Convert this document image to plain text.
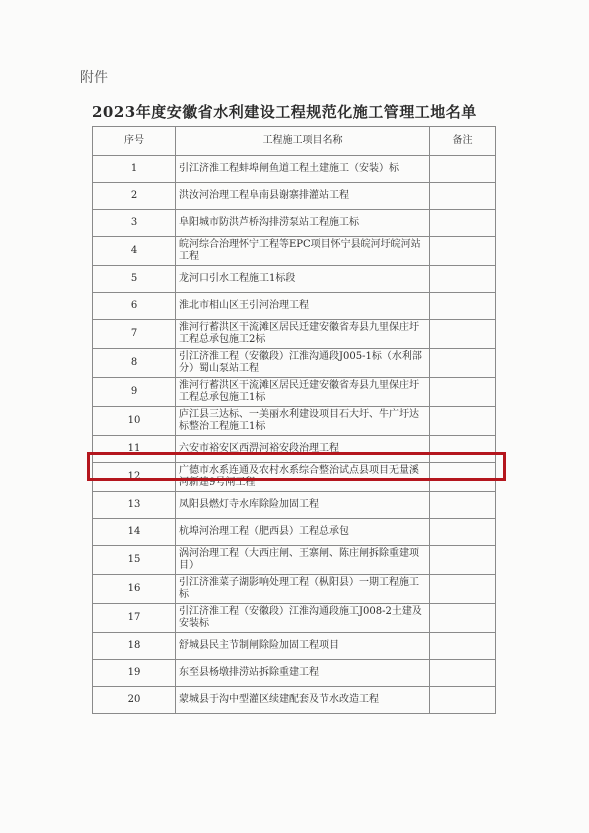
附件
2023年度安徽省水利建设工程规范化施工管理工地名单
序号	工程施工项目名称	备注
1	引江济淮工程蚌埠闸鱼道工程土建施工（安装）标	
2	洪汝河治理工程阜南县谢寨排灌站工程	
3	阜阳城市防洪芦桥沟排涝泵站工程施工标	
4	皖河综合治理怀宁工程等EPC项目怀宁县皖河圩皖河站工程	
5	龙河口引水工程施工1标段	
6	淮北市相山区王引河治理工程	
7	淮河行蓄洪区干流滩区居民迁建安徽省寿县九里保庄圩工程总承包施工2标	
8	引江济淮工程（安徽段）江淮沟通段J005-1标（水利部分）蜀山泵站工程	
9	淮河行蓄洪区干流滩区居民迁建安徽省寿县九里保庄圩工程总承包施工1标	
10	庐江县三达标、一美丽水利建设项目石大圩、牛广圩达标整治工程施工1标	
11	六安市裕安区西淠河裕安段治理工程	
12	广德市水系连通及农村水系综合整治试点县项目无量溪河新建9号闸工程	
13	凤阳县燃灯寺水库除险加固工程	
14	杭埠河治理工程（肥西县）工程总承包	
15	涡河治理工程（大西庄闸、王寨闸、陈庄闸拆除重建项目）	
16	引江济淮菜子湖影响处理工程（枞阳县）一期工程施工标	
17	引江济淮工程（安徽段）江淮沟通段施工J008-2土建及安装标	
18	舒城县民主节制闸除险加固工程项目	
19	东至县杨墩排涝站拆除重建工程	
20	蒙城县于沟中型灌区续建配套及节水改造工程	
